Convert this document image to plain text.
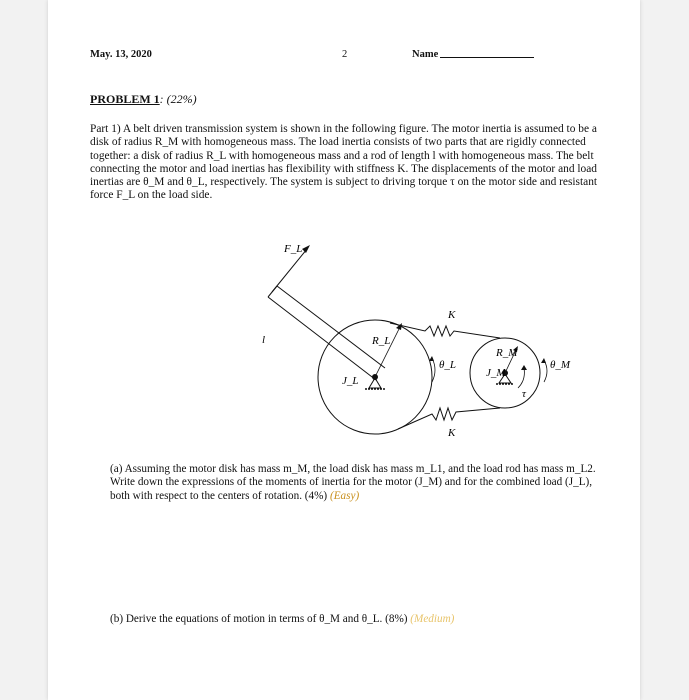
May. 13, 2020	2	Name
PROBLEM 1: (22%)
Part 1) A belt driven transmission system is shown in the following figure. The motor inertia is assumed to be a disk of radius R_M with homogeneous mass. The load inertia consists of two parts that are rigidly connected together: a disk of radius R_L with homogeneous mass and a rod of length l with homogeneous mass. The belt connecting the motor and load inertias has flexibility with stiffness K. The displacements of the motor and load inertias are θ_M and θ_L, respectively. The system is subject to driving torque τ on the motor side and resistant force F_L on the load side.
F_L
l	R_L
J_L
K
K
θ_L
R_M
J_M
θ_M
τ
(a) Assuming the motor disk has mass m_M, the load disk has mass m_L1, and the load rod has mass m_L2. Write down the expressions of the moments of inertia for the motor (J_M) and for the combined load (J_L), both with respect to the centers of rotation. (4%) (Easy)
(b) Derive the equations of motion in terms of θ_M and θ_L. (8%) (Medium)
